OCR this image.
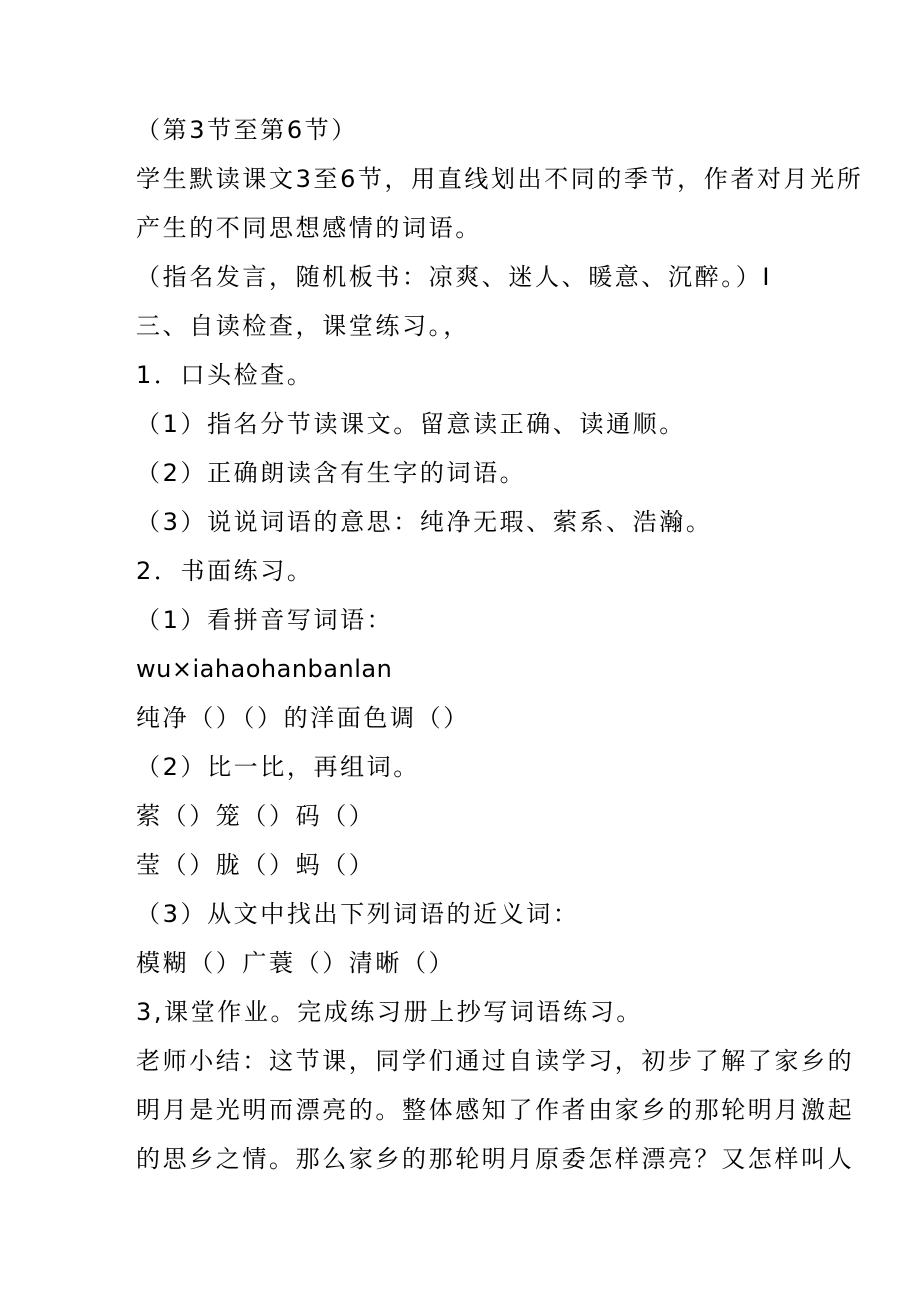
（第3节至第6节）
学生默读课文3至6节，用直线划出不同的季节，作者对月光所
产生的不同思想感情的词语。
（指名发言，随机板书：凉爽、迷人、暖意、沉醉。）I
三、自读检查，课堂练习。，
1．口头检查。
（1）指名分节读课文。留意读正确、读通顺。
（2）正确朗读含有生字的词语。
（3）说说词语的意思：纯净无瑕、萦系、浩瀚。
2．书面练习。
（1）看拼音写词语：
wu×iahaohanbanlan
纯净（）（）的洋面色调（）
（2）比一比，再组词。
萦（）笼（）码（）
莹（）胧（）蚂（）
（3）从文中找出下列词语的近义词：
模糊（）广蓑（）清晰（）
3,课堂作业。完成练习册上抄写词语练习。
老师小结：这节课，同学们通过自读学习，初步了解了家乡的
明月是光明而漂亮的。整体感知了作者由家乡的那轮明月激起
的思乡之情。那么家乡的那轮明月原委怎样漂亮？又怎样叫人
